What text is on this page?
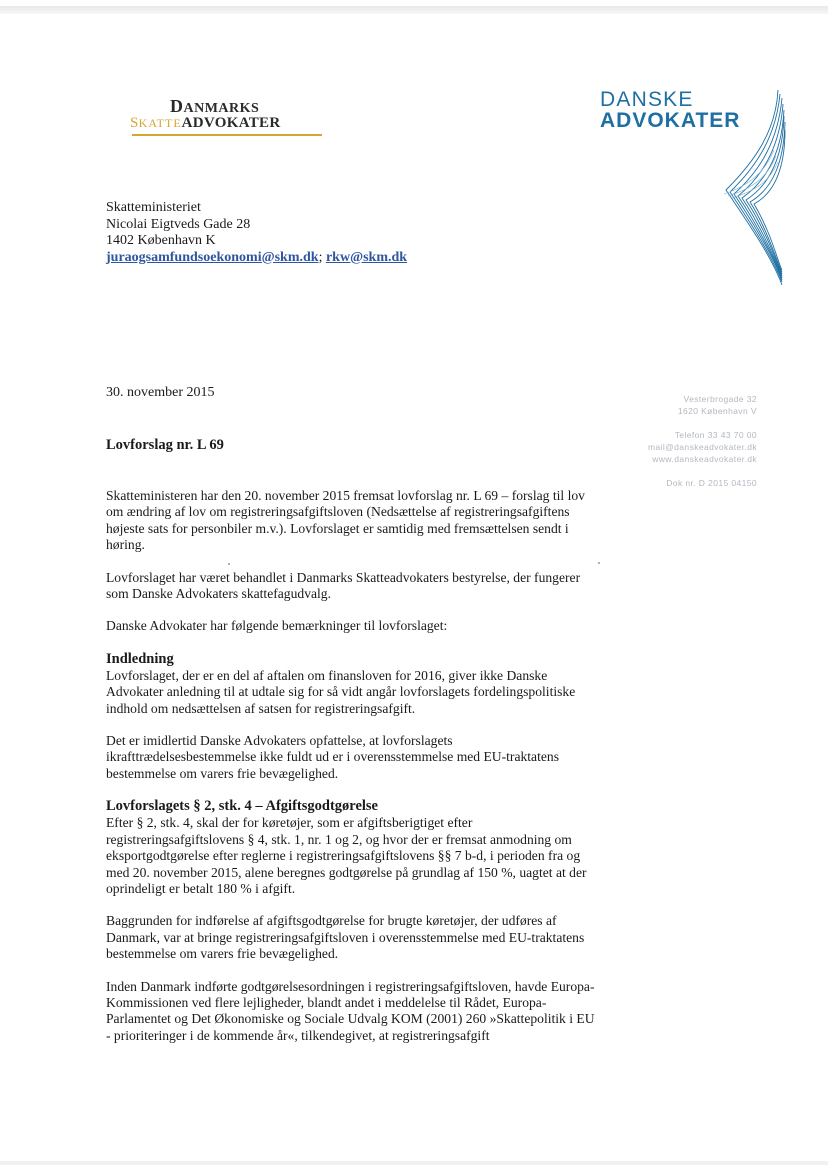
DANMARKS
SKATTEADVOKATER
DANSKE
ADVOKATER
Skatteministeriet
Nicolai Eigtveds Gade 28
1402 København K
juraogsamfundsoekonomi@skm.dk; rkw@skm.dk
30. november 2015
Lovforslag nr. L 69
Vesterbrogade 32
1620 København V
Telefon 33 43 70 00
mail@danskeadvokater.dk
www.danskeadvokater.dk
Dok nr. D 2015 04150

Skatteministeren har den 20. november 2015 fremsat lovforslag nr. L 69 – forslag til lov om ændring af lov om registreringsafgiftsloven (Nedsættelse af registreringsafgiftens højeste sats for personbiler m.v.). Lovforslaget er samtidig med fremsættelsen sendt i høring.

Lovforslaget har været behandlet i Danmarks Skatteadvokaters bestyrelse, der fungerer som Danske Advokaters skattefagudvalg.

Danske Advokater har følgende bemærkninger til lovforslaget:

Indledning

Lovforslaget, der er en del af aftalen om finansloven for 2016, giver ikke Danske Advokater anledning til at udtale sig for så vidt angår lovforslagets fordelingspolitiske indhold om nedsættelsen af satsen for registreringsafgift.

Det er imidlertid Danske Advokaters opfattelse, at lovforslagets ikrafttrædelsesbestemmelse ikke fuldt ud er i overensstemmelse med EU-traktatens bestemmelse om varers frie bevægelighed.

Lovforslagets § 2, stk. 4 – Afgiftsgodtgørelse

Efter § 2, stk. 4, skal der for køretøjer, som er afgiftsberigtiget efter registreringsafgiftslovens § 4, stk. 1, nr. 1 og 2, og hvor der er fremsat anmodning om eksportgodtgørelse efter reglerne i registreringsafgiftslovens §§ 7 b-d, i perioden fra og med 20. november 2015, alene beregnes godtgørelse på grundlag af 150 %, uagtet at der oprindeligt er betalt 180 % i afgift.

Baggrunden for indførelse af afgiftsgodtgørelse for brugte køretøjer, der udføres af Danmark, var at bringe registreringsafgiftsloven i overensstemmelse med EU-traktatens bestemmelse om varers frie bevægelighed.

Inden Danmark indførte godtgørelsesordningen i registreringsafgiftsloven, havde Europa-Kommissionen ved flere lejligheder, blandt andet i meddelelse til Rådet, Europa-Parlamentet og Det Økonomiske og Sociale Udvalg KOM (2001) 260 »Skattepolitik i EU - prioriteringer i de kommende år«, tilkendegivet, at registreringsafgift
